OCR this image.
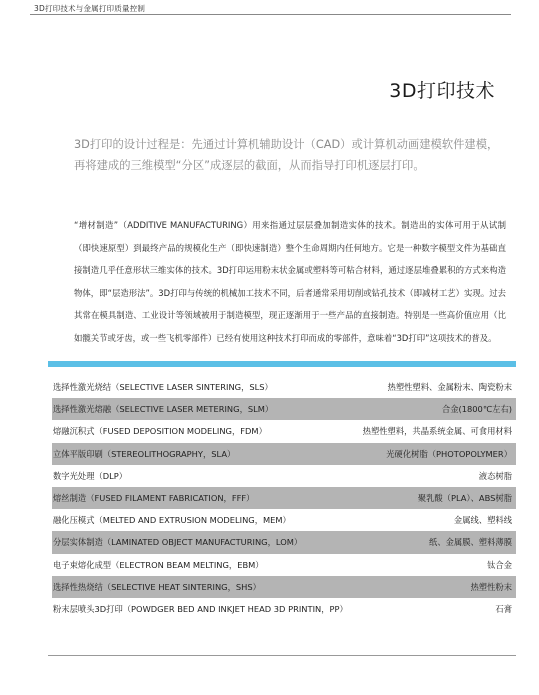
3D打印技术与金属打印质量控制
3D打印技术
3D打印的设计过程是：先通过计算机辅助设计（CAD）或计算机动画建模软件建模，再将建成的三维模型“分区”成逐层的截面，从而指导打印机逐层打印。
“增材制造”（ADDITIVE MANUFACTURING）用来指通过层层叠加制造实体的技术。制造出的实体可用于从试制（即快速原型）到最终产品的规模化生产（即快速制造）整个生命周期内任何地方。它是一种数字模型文件为基础直接制造几乎任意形状三维实体的技术。3D打印运用粉末状金属或塑料等可粘合材料，通过逐层堆叠累积的方式来构造物体，即“层造形法”。3D打印与传统的机械加工技术不同，后者通常采用切削或钻孔技术（即减材工艺）实现。过去其常在模具制造、工业设计等领域被用于制造模型，现正逐渐用于一些产品的直接制造。特别是一些高价值应用（比如髋关节或牙齿，或一些飞机零部件）已经有使用这种技术打印而成的零部件，意味着“3D打印”这项技术的普及。
选择性激光烧结（SELECTIVE LASER SINTERING，SLS）	热塑性塑料、金属粉末、陶瓷粉末
选择性激光熔融（SELECTIVE LASER METERING，SLM）	合金(1800℃左右)
熔融沉积式（FUSED DEPOSITION MODELING，FDM）	热塑性塑料，共晶系统金属、可食用材料
立体平版印刷（STEREOLITHOGRAPHY，SLA）	光硬化树脂（PHOTOPOLYMER）
数字光处理（DLP）	液态树脂
熔丝制造（FUSED FILAMENT FABRICATION，FFF）	聚乳酸（PLA）、ABS树脂
融化压模式（MELTED AND EXTRUSION MODELING，MEM）	金属线、塑料线
分层实体制造（LAMINATED OBJECT MANUFACTURING，LOM）	纸、金属膜、塑料薄膜
电子束熔化成型（ELECTRON BEAM MELTING，EBM）	钛合金
选择性热烧结（SELECTIVE HEAT SINTERING，SHS）	热塑性粉末
粉末层喷头3D打印（POWDGER BED AND INKJET HEAD 3D PRINTIN，PP）	石膏
